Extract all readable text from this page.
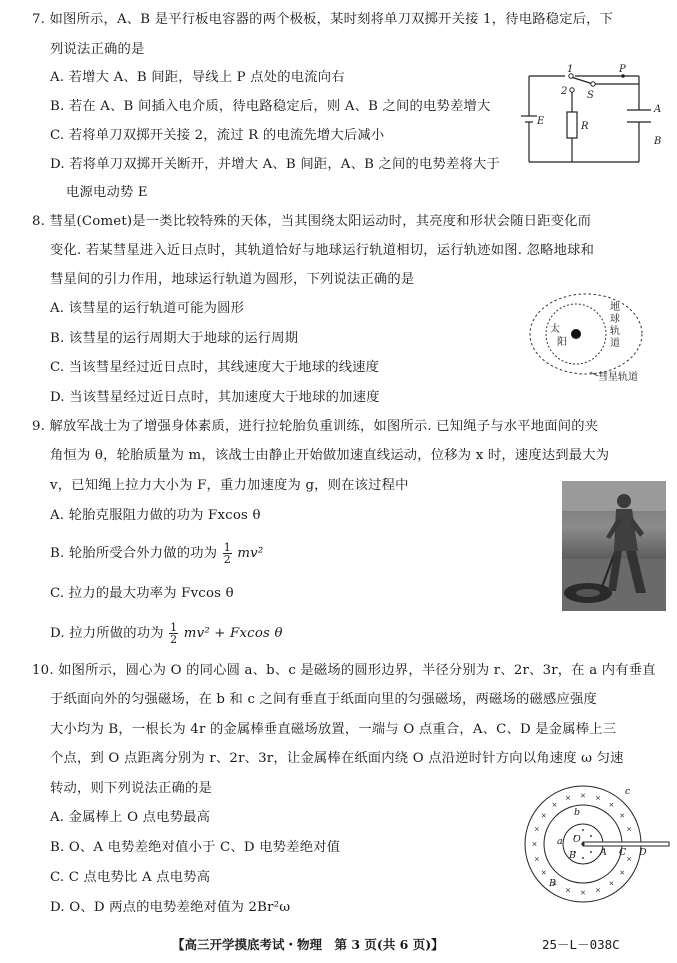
7. 如图所示，A、B 是平行板电容器的两个极板，某时刻将单刀双掷开关接 1，待电路稳定后，下
列说法正确的是
A. 若增大 A、B 间距，导线上 P 点处的电流向右
B. 若在 A、B 间插入电介质，待电路稳定后，则 A、B 之间的电势差增大
C. 若将单刀双掷开关接 2，流过 R 的电流先增大后减小
D. 若将单刀双掷开关断开，并增大 A、B 间距，A、B 之间的电势差将大于
电源电动势 E
1
2
P
S
R
E
A
B
8. 彗星(Comet)是一类比较特殊的天体，当其围绕太阳运动时，其亮度和形状会随日距变化而
变化. 若某彗星进入近日点时，其轨道恰好与地球运行轨道相切，运行轨迹如图. 忽略地球和
彗星间的引力作用，地球运行轨道为圆形，下列说法正确的是
A. 该彗星的运行轨道可能为圆形
B. 该彗星的运行周期大于地球的运行周期
C. 当该彗星经过近日点时，其线速度大于地球的线速度
D. 当该彗星经过近日点时，其加速度大于地球的加速度
太
阳
地
球
轨
道
彗星轨道
9. 解放军战士为了增强身体素质，进行拉轮胎负重训练，如图所示. 已知绳子与水平地面间的夹
角恒为 θ，轮胎质量为 m，该战士由静止开始做加速直线运动，位移为 x 时，速度达到最大为
v，已知绳上拉力大小为 F，重力加速度为 g，则在该过程中
A. 轮胎克服阻力做的功为 Fxcos θ
B. 轮胎所受合外力做的功为 $\frac{1}{2} mv^2$
C. 拉力的最大功率为 Fvcos θ
D. 拉力所做的功为 $\frac{1}{2} mv^2 + Fxcos$ θ
10. 如图所示，圆心为 O 的同心圆 a、b、c 是磁场的圆形边界，半径分别为 r、2r、3r，在 a 内有垂直
于纸面向外的匀强磁场，在 b 和 c 之间有垂直于纸面向里的匀强磁场，两磁场的磁感应强度
大小均为 B，一根长为 4r 的金属棒垂直磁场放置，一端与 O 点重合，A、C、D 是金属棒上三
个点，到 O 点距离分别为 r、2r、3r，让金属棒在纸面内绕 O 点沿逆时针方向以角速度 ω 匀速
转动，则下列说法正确的是
A. 金属棒上 O 点电势最高
B. O、A 电势差绝对值小于 C、D 电势差绝对值
C. C 点电势比 A 点电势高
D. O、D 两点的电势差绝对值为 2Br²ω
a
b
c
O
A C D
B
B
【高三开学摸底考试・物理　第 3 页(共 6 页)】	25－L－038C
